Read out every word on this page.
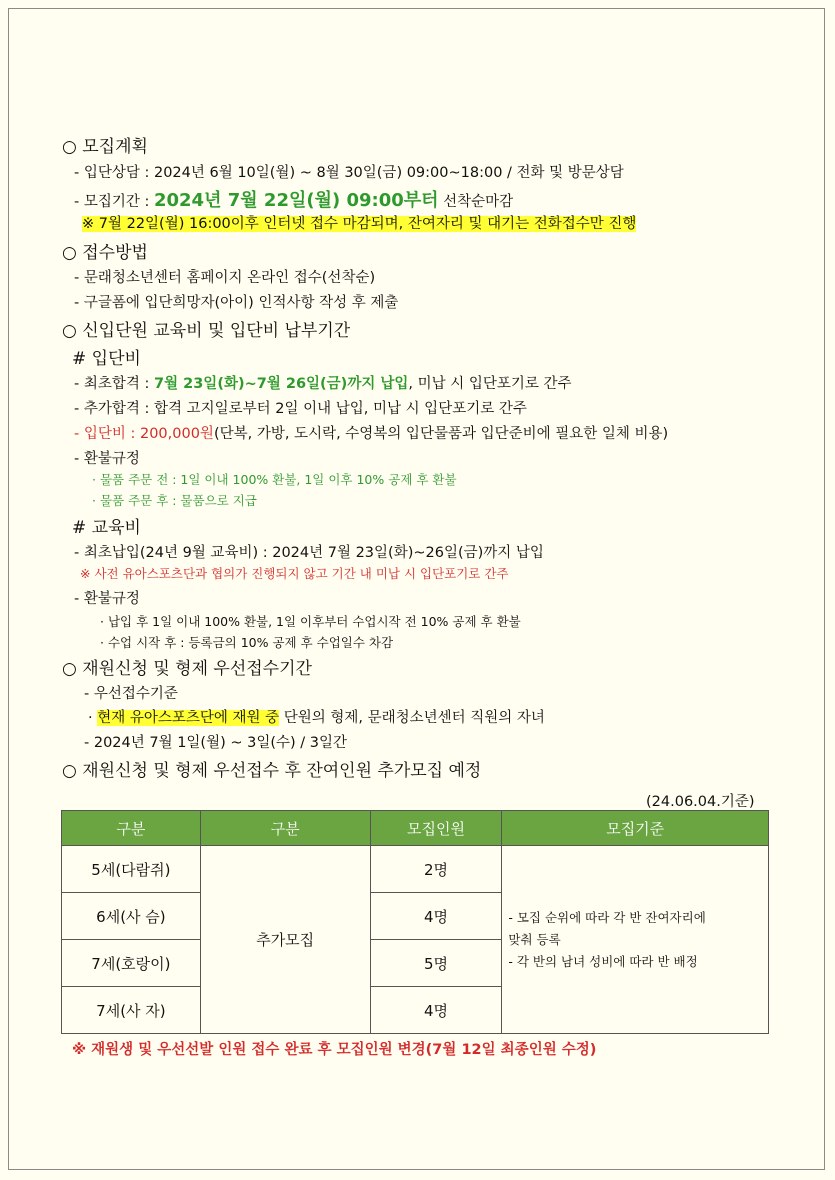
○ 모집계획
- 입단상담 : 2024년 6월 10일(월) ~ 8월 30일(금) 09:00~18:00 / 전화 및 방문상담
- 모집기간 : 2024년 7월 22일(월) 09:00부터 선착순마감
※ 7월 22일(월) 16:00이후 인터넷 접수 마감되며, 잔여자리 및 대기는 전화접수만 진행
○ 접수방법
- 문래청소년센터 홈페이지 온라인 접수(선착순)
- 구글폼에 입단희망자(아이) 인적사항 작성 후 제출
○ 신입단원 교육비 및 입단비 납부기간
# 입단비
- 최초합격 : 7월 23일(화)~7월 26일(금)까지 납입, 미납 시 입단포기로 간주
- 추가합격 : 합격 고지일로부터 2일 이내 납입, 미납 시 입단포기로 간주
- 입단비 : 200,000원(단복, 가방, 도시락, 수영복의 입단물품과 입단준비에 필요한 일체 비용)
- 환불규정
· 물품 주문 전 : 1일 이내 100% 환불, 1일 이후 10% 공제 후 환불
· 물품 주문 후 : 물품으로 지급
# 교육비
- 최초납입(24년 9월 교육비) : 2024년 7월 23일(화)~26일(금)까지 납입
※ 사전 유아스포츠단과 협의가 진행되지 않고 기간 내 미납 시 입단포기로 간주
- 환불규정
· 납입 후 1일 이내 100% 환불, 1일 이후부터 수업시작 전 10% 공제 후 환불
· 수업 시작 후 : 등록금의 10% 공제 후 수업일수 차감
○ 재원신청 및 형제 우선접수기간
- 우선접수기준
· 현재 유아스포츠단에 재원 중 단원의 형제, 문래청소년센터 직원의 자녀
- 2024년 7월 1일(월) ~ 3일(수) / 3일간
○ 재원신청 및 형제 우선접수 후 잔여인원 추가모집 예정
(24.06.04.기준)
구분	구분	모집인원	모집기준
5세(다람쥐)	추가모집	2명	- 모집 순위에 따라 각 반 잔여자리에
맞춰 등록
- 각 반의 남녀 성비에 따라 반 배정

6세(사 슴)		4명	
7세(호랑이)		5명	
7세(사 자)		4명	
※ 재원생 및 우선선발 인원 접수 완료 후 모집인원 변경(7월 12일 최종인원 수정)
